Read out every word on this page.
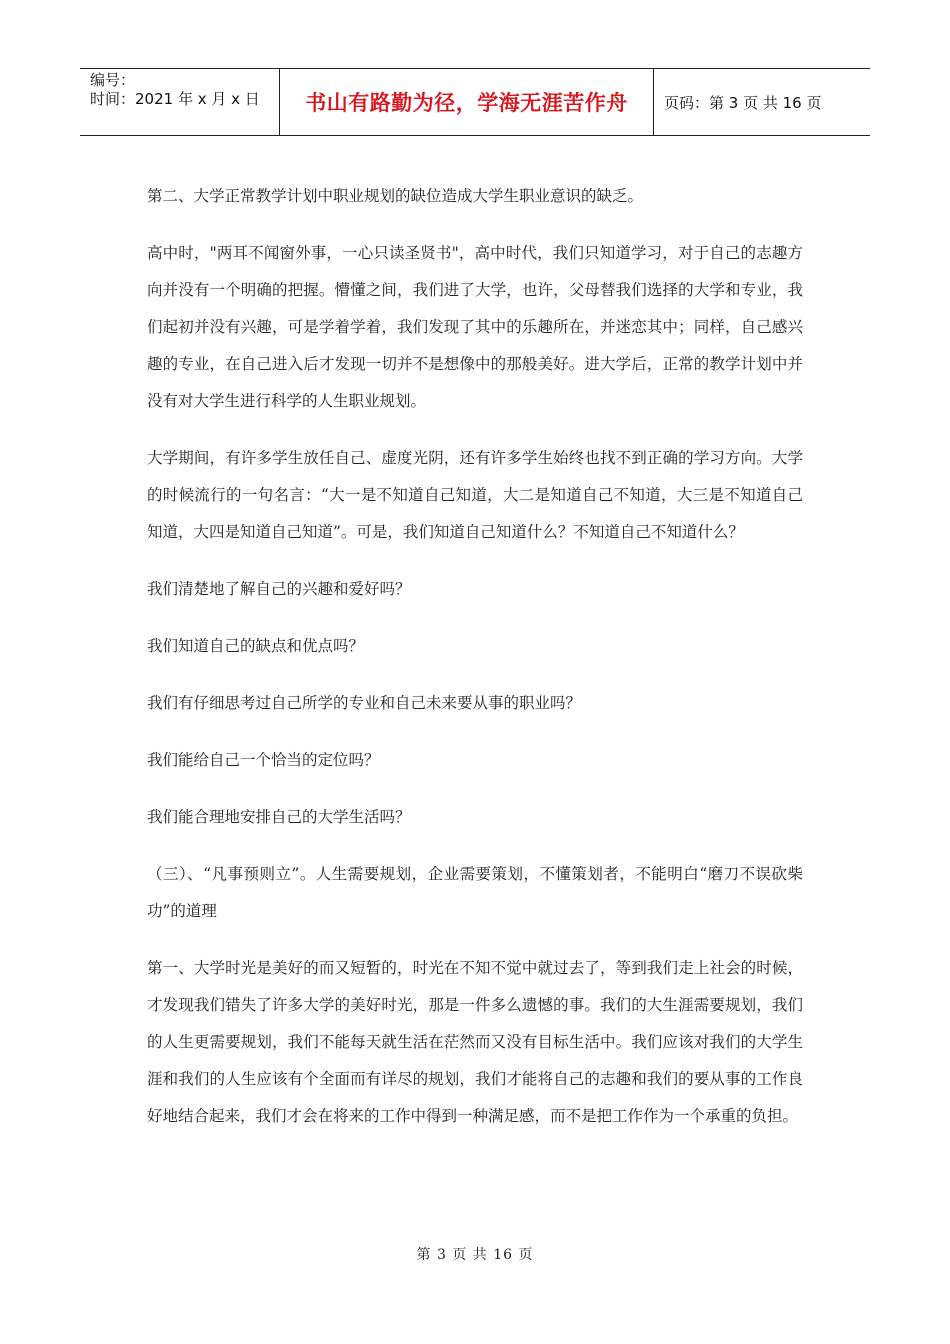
编号：
时间：2021 年 x 月 x 日	书山有路勤为径，学海无涯苦作舟	页码：第 3 页 共 16 页

第二、大学正常教学计划中职业规划的缺位造成大学生职业意识的缺乏。

高中时，"两耳不闻窗外事，一心只读圣贤书"，高中时代，我们只知道学习，对于自己的志趣方向并没有一个明确的把握。懵懂之间，我们进了大学，也许，父母替我们选择的大学和专业，我们起初并没有兴趣，可是学着学着，我们发现了其中的乐趣所在，并迷恋其中；同样，自己感兴趣的专业，在自己进入后才发现一切并不是想像中的那般美好。进大学后，正常的教学计划中并没有对大学生进行科学的人生职业规划。

大学期间，有许多学生放任自己、虚度光阴，还有许多学生始终也找不到正确的学习方向。大学的时候流行的一句名言：“大一是不知道自己知道，大二是知道自己不知道，大三是不知道自己知道，大四是知道自己知道”。可是，我们知道自己知道什么？不知道自己不知道什么？

我们清楚地了解自己的兴趣和爱好吗？

我们知道自己的缺点和优点吗？

我们有仔细思考过自己所学的专业和自己未来要从事的职业吗？

我们能给自己一个恰当的定位吗？

我们能合理地安排自己的大学生活吗？

（三）、“凡事预则立”。人生需要规划，企业需要策划，不懂策划者，不能明白“磨刀不误砍柴功”的道理

第一、大学时光是美好的而又短暂的，时光在不知不觉中就过去了，等到我们走上社会的时候，才发现我们错失了许多大学的美好时光，那是一件多么遗憾的事。我们的大生涯需要规划，我们的人生更需要规划，我们不能每天就生活在茫然而又没有目标生活中。我们应该对我们的大学生涯和我们的人生应该有个全面而有详尽的规划，我们才能将自己的志趣和我们的要从事的工作良好地结合起来，我们才会在将来的工作中得到一种满足感，而不是把工作作为一个承重的负担。

第 3 页 共 16 页
